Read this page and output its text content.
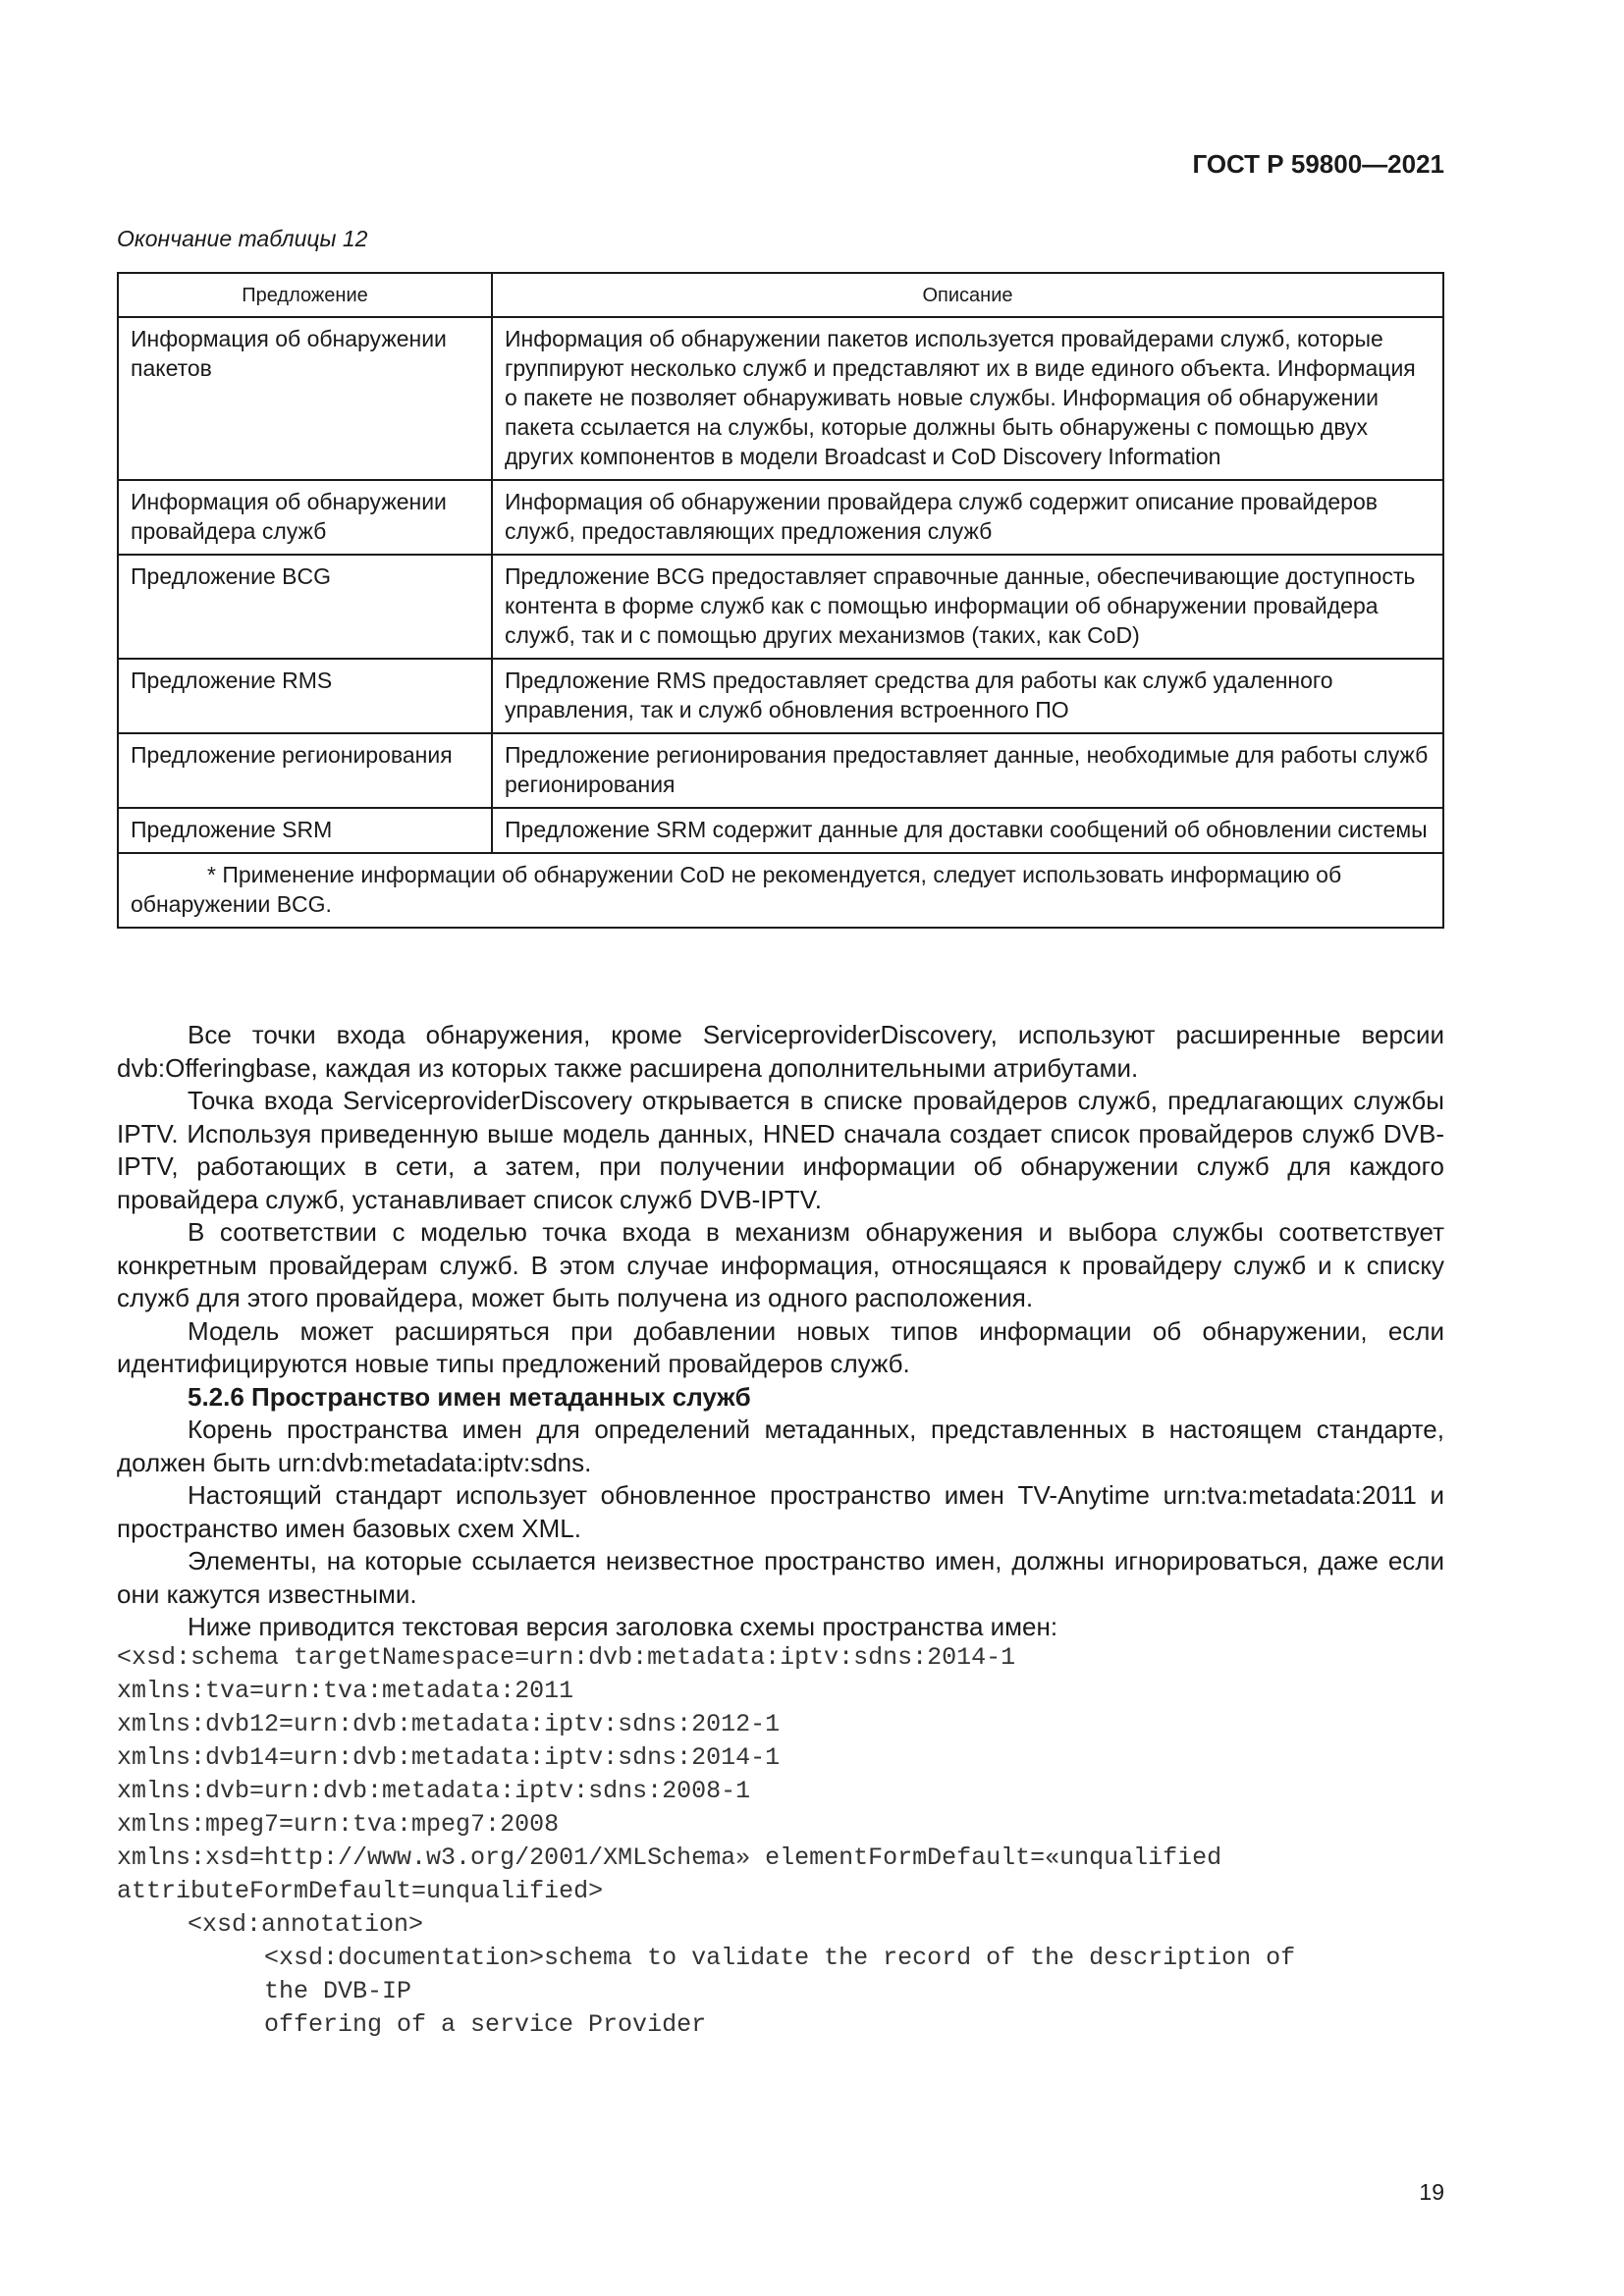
ГОСТ Р 59800—2021
Окончание таблицы 12
Предложение	Описание
Информация об обнаружении пакетов	Информация об обнаружении пакетов используется провайдерами служб, которые группируют несколько служб и представляют их в виде единого объекта. Информация о пакете не позволяет обнаруживать новые службы. Информация об обнаружении пакета ссылается на службы, которые должны быть обнаружены с помощью двух других компонентов в модели Broadcast и CoD Discovery Information
Информация об обнаружении провайдера служб	Информация об обнаружении провайдера служб содержит описание провайдеров служб, предоставляющих предложения служб
Предложение BCG	Предложение BCG предоставляет справочные данные, обеспечивающие доступность контента в форме служб как с помощью информации об обнаружении провайдера служб, так и с помощью других механизмов (таких, как CoD)
Предложение RMS	Предложение RMS предоставляет средства для работы как служб удаленного управления, так и служб обновления встроенного ПО
Предложение регионирования	Предложение регионирования предоставляет данные, необходимые для работы служб регионирования
Предложение SRM	Предложение SRM содержит данные для доставки сообщений об обновлении системы
* Применение информации об обнаружении CoD не рекомендуется, следует использовать информацию об обнаружении BCG.	

Все точки входа обнаружения, кроме ServiceproviderDiscovery, используют расширенные версии dvb:Offeringbase, каждая из которых также расширена дополнительными атрибутами.

Точка входа ServiceproviderDiscovery открывается в списке провайдеров служб, предлагающих службы IPTV. Используя приведенную выше модель данных, HNED сначала создает список провайдеров служб DVB-IPTV, работающих в сети, а затем, при получении информации об обнаружении служб для каждого провайдера служб, устанавливает список служб DVB-IPTV.

В соответствии с моделью точка входа в механизм обнаружения и выбора службы соответствует конкретным провайдерам служб. В этом случае информация, относящаяся к провайдеру служб и к списку служб для этого провайдера, может быть получена из одного расположения.

Модель может расширяться при добавлении новых типов информации об обнаружении, если идентифицируются новые типы предложений провайдеров служб.

5.2.6 Пространство имен метаданных служб

Корень пространства имен для определений метаданных, представленных в настоящем стандарте, должен быть urn:dvb:metadata:iptv:sdns.

Настоящий стандарт использует обновленное пространство имен TV-Anytime urn:tva:metadata:2011 и пространство имен базовых схем XML.

Элементы, на которые ссылается неизвестное пространство имен, должны игнорироваться, даже если они кажутся известными.

Ниже приводится текстовая версия заголовка схемы пространства имен:

<xsd:schema targetNamespace=urn:dvb:metadata:iptv:sdns:2014-1
xmlns:tva=urn:tva:metadata:2011
xmlns:dvb12=urn:dvb:metadata:iptv:sdns:2012-1
xmlns:dvb14=urn:dvb:metadata:iptv:sdns:2014-1
xmlns:dvb=urn:dvb:metadata:iptv:sdns:2008-1
xmlns:mpeg7=urn:tva:mpeg7:2008
xmlns:xsd=http://www.w3.org/2001/XMLSchema» elementFormDefault=«unqualified
attributeFormDefault=unqualified>
<xsd:annotation>
<xsd:documentation>schema to validate the record of the description of
the DVB-IP
offering of a service Provider
19
